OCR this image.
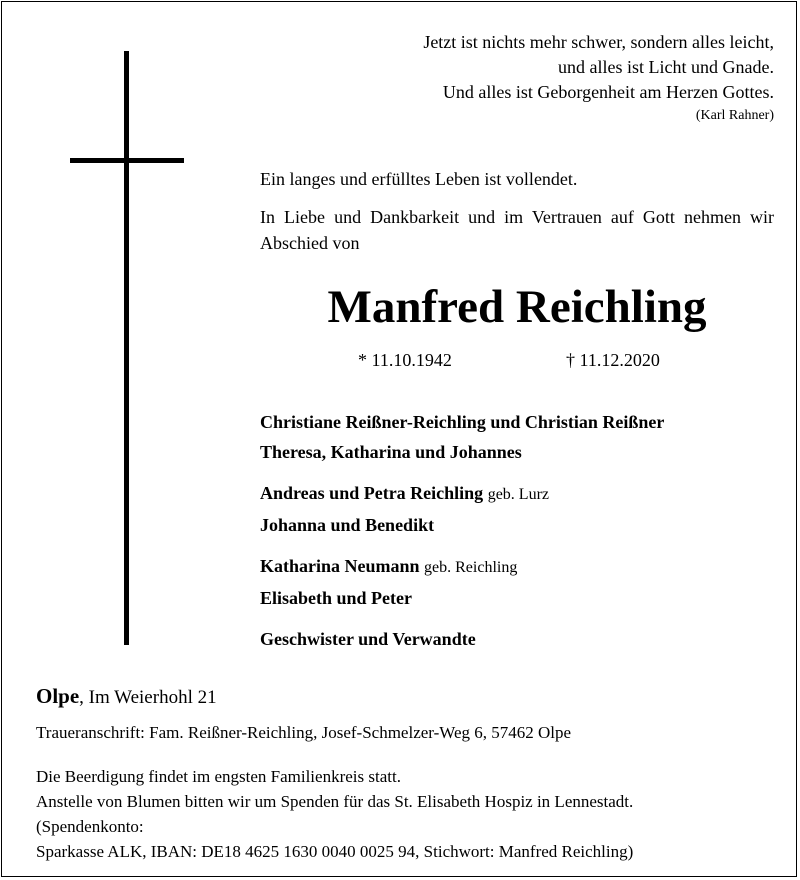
Jetzt ist nichts mehr schwer, sondern alles leicht,
und alles ist Licht und Gnade.
Und alles ist Geborgenheit am Herzen Gottes.
(Karl Rahner)
Ein langes und erfülltes Leben ist vollendet.
In Liebe und Dankbarkeit und im Vertrauen auf Gott nehmen wir Abschied von
Manfred Reichling
* 11.10.1942	† 11.12.2020
Christiane Reißner-Reichling und Christian Reißner
Theresa, Katharina und Johannes
Andreas und Petra Reichling geb. Lurz
Johanna und Benedikt
Katharina Neumann geb. Reichling
Elisabeth und Peter
Geschwister und Verwandte
Olpe, Im Weierhohl 21
Traueranschrift: Fam. Reißner-Reichling, Josef-Schmelzer-Weg 6, 57462 Olpe
Die Beerdigung findet im engsten Familienkreis statt.
Anstelle von Blumen bitten wir um Spenden für das St. Elisabeth Hospiz in Lennestadt.
(Spendenkonto:
Sparkasse ALK, IBAN: DE18 4625 1630 0040 0025 94, Stichwort: Manfred Reichling)
